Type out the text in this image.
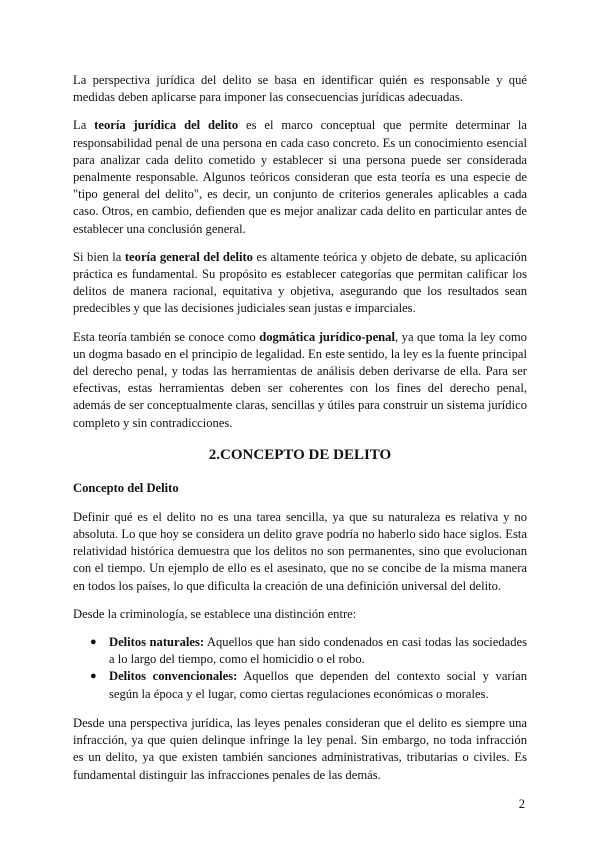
La perspectiva jurídica del delito se basa en identificar quién es responsable y qué medidas deben aplicarse para imponer las consecuencias jurídicas adecuadas.

La teoría jurídica del delito es el marco conceptual que permite determinar la responsabilidad penal de una persona en cada caso concreto. Es un conocimiento esencial para analizar cada delito cometido y establecer si una persona puede ser considerada penalmente responsable. Algunos teóricos consideran que esta teoría es una especie de "tipo general del delito", es decir, un conjunto de criterios generales aplicables a cada caso. Otros, en cambio, defienden que es mejor analizar cada delito en particular antes de establecer una conclusión general.

Si bien la teoría general del delito es altamente teórica y objeto de debate, su aplicación práctica es fundamental. Su propósito es establecer categorías que permitan calificar los delitos de manera racional, equitativa y objetiva, asegurando que los resultados sean predecibles y que las decisiones judiciales sean justas e imparciales.

Esta teoría también se conoce como dogmática jurídico-penal, ya que toma la ley como un dogma basado en el principio de legalidad. En este sentido, la ley es la fuente principal del derecho penal, y todas las herramientas de análisis deben derivarse de ella. Para ser efectivas, estas herramientas deben ser coherentes con los fines del derecho penal, además de ser conceptualmente claras, sencillas y útiles para construir un sistema jurídico completo y sin contradicciones.

2.CONCEPTO DE DELITO
Concepto del Delito

Definir qué es el delito no es una tarea sencilla, ya que su naturaleza es relativa y no absoluta. Lo que hoy se considera un delito grave podría no haberlo sido hace siglos. Esta relatividad histórica demuestra que los delitos no son permanentes, sino que evolucionan con el tiempo. Un ejemplo de ello es el asesinato, que no se concibe de la misma manera en todos los países, lo que dificulta la creación de una definición universal del delito.

Desde la criminología, se establece una distinción entre:

● Delitos naturales: Aquellos que han sido condenados en casi todas las sociedades a lo largo del tiempo, como el homicidio o el robo.
● Delitos convencionales: Aquellos que dependen del contexto social y varían según la época y el lugar, como ciertas regulaciones económicas o morales.

Desde una perspectiva jurídica, las leyes penales consideran que el delito es siempre una infracción, ya que quien delinque infringe la ley penal. Sin embargo, no toda infracción es un delito, ya que existen también sanciones administrativas, tributarias o civiles. Es fundamental distinguir las infracciones penales de las demás.

2
